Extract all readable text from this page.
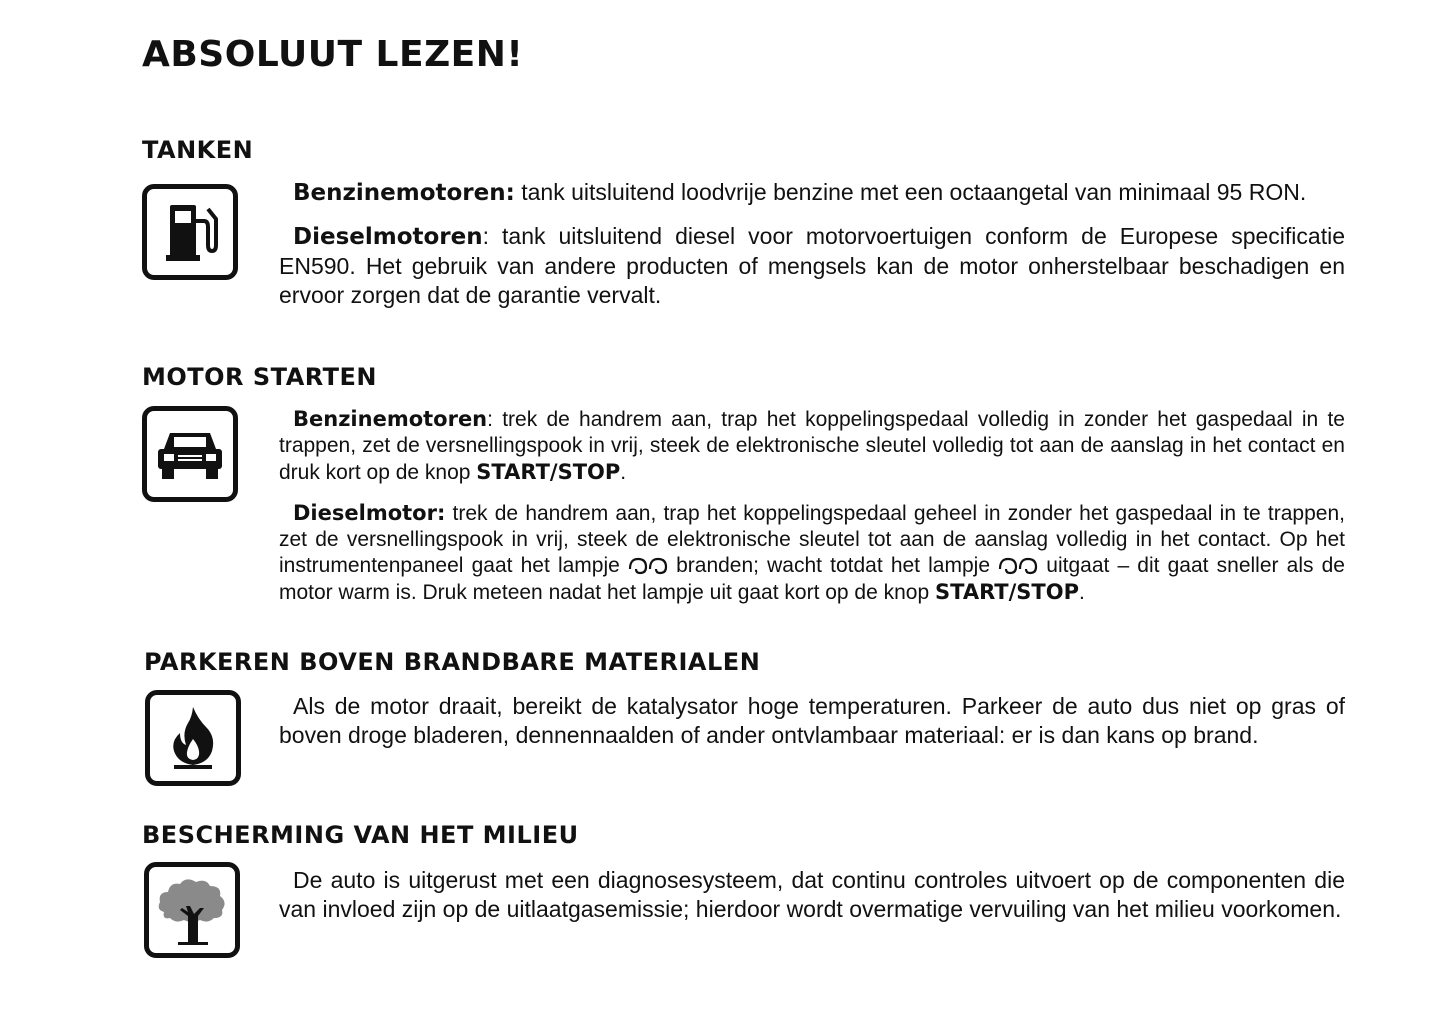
ABSOLUUT LEZEN!
TANKEN

Benzinemotoren: tank uitsluitend loodvrije benzine met een octaangetal van minimaal 95 RON.

Dieselmotoren: tank uitsluitend diesel voor motorvoertuigen conform de Europese specificatie EN590. Het gebruik van andere producten of mengsels kan de motor onherstelbaar beschadigen en ervoor zorgen dat de garantie vervalt.

MOTOR STARTEN

Benzinemotoren: trek de handrem aan, trap het koppelingspedaal volledig in zonder het gaspedaal in te trappen, zet de versnellingspook in vrij, steek de elektronische sleutel volledig tot aan de aanslag in het contact en druk kort op de knop START/STOP.

Dieselmotor: trek de handrem aan, trap het koppelingspedaal geheel in zonder het gaspedaal in te trappen, zet de versnellingspook in vrij, steek de elektronische sleutel tot aan de aanslag volledig in het contact. Op het instrumentenpaneel gaat het lampje  branden; wacht totdat het lampje  uitgaat – dit gaat sneller als de motor warm is. Druk meteen nadat het lampje uit gaat kort op de knop START/STOP.

PARKEREN BOVEN BRANDBARE MATERIALEN

Als de motor draait, bereikt de katalysator hoge temperaturen. Parkeer de auto dus niet op gras of boven droge bladeren, dennennaalden of ander ontvlambaar materiaal: er is dan kans op brand.

BESCHERMING VAN HET MILIEU

De auto is uitgerust met een diagnosesysteem, dat continu controles uitvoert op de componenten die van invloed zijn op de uitlaatgasemissie; hierdoor wordt overmatige vervuiling van het milieu voorkomen.
